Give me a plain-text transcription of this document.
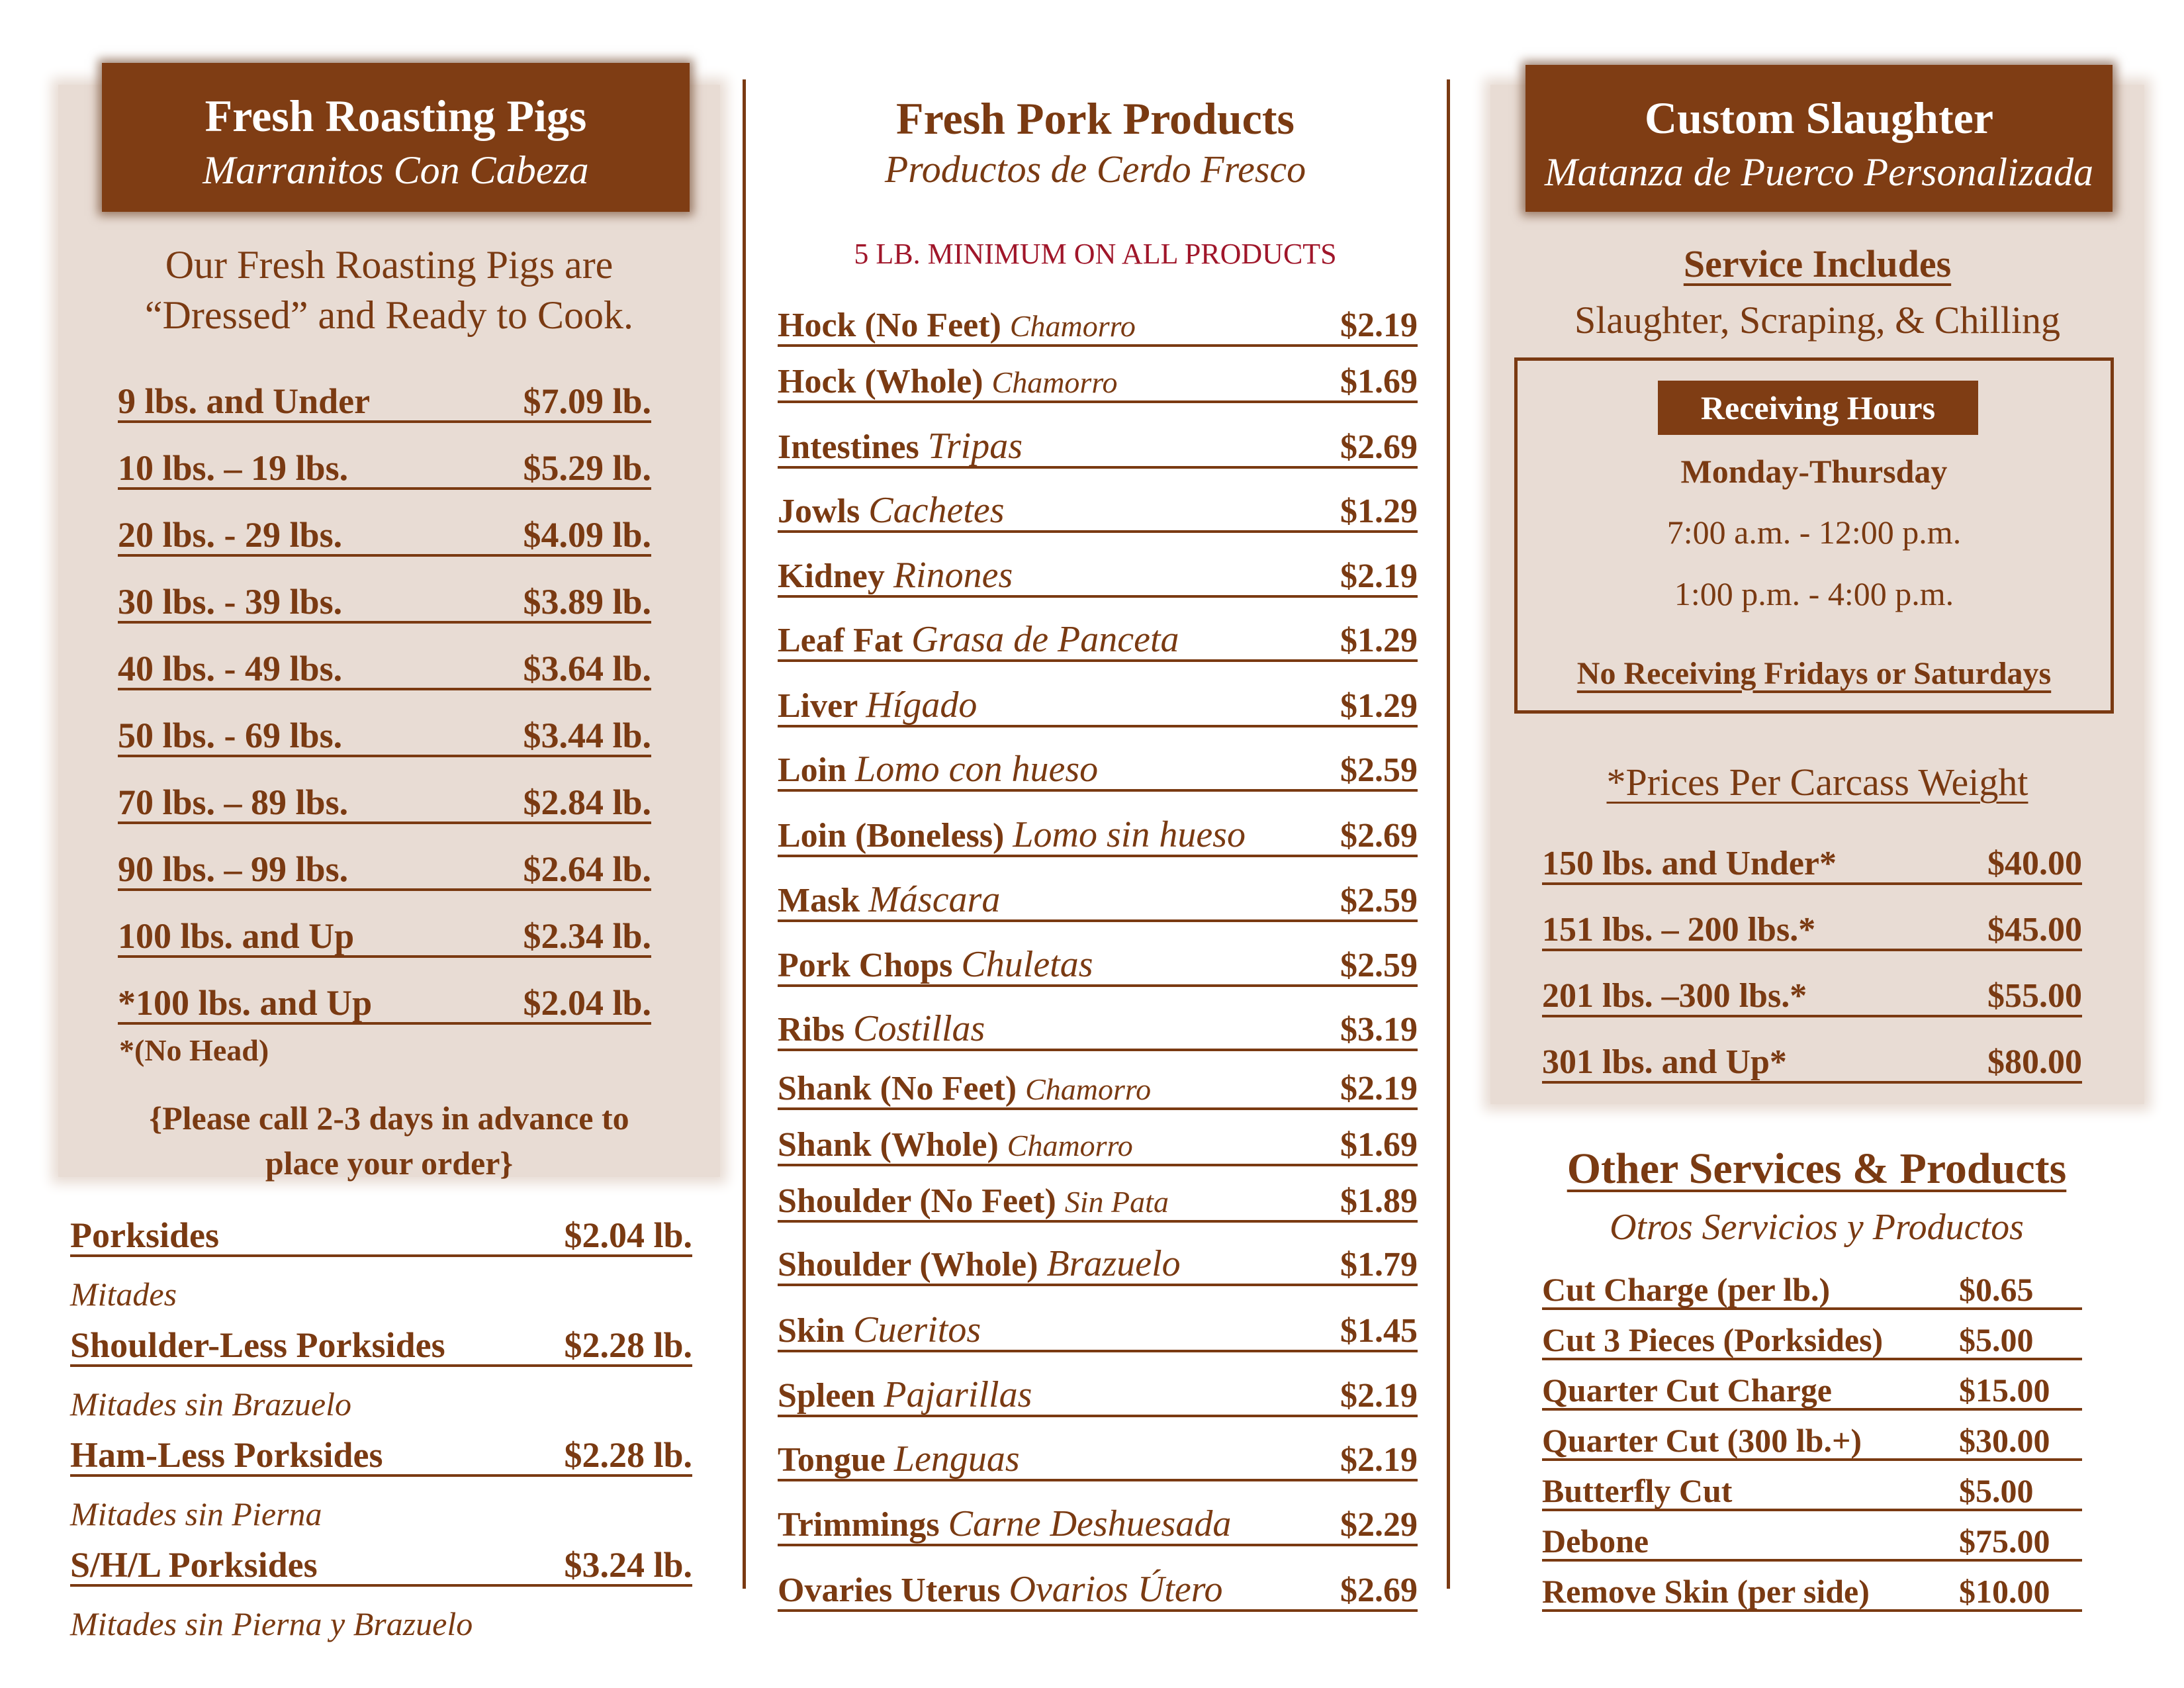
Fresh Roasting Pigs
Marranitos Con Cabeza
Our Fresh Roasting Pigs are
“Dressed” and Ready to Cook.
9 lbs. and Under	$7.09 lb.
10 lbs. – 19 lbs.	$5.29 lb.
20 lbs. - 29 lbs.	$4.09 lb.
30 lbs. - 39 lbs.	$3.89 lb.
40 lbs. - 49 lbs.	$3.64 lb.
50 lbs. - 69 lbs.	$3.44 lb.
70 lbs. – 89 lbs.	$2.84 lb.
90 lbs. – 99 lbs.	$2.64 lb.
100 lbs. and Up	$2.34 lb.
*100 lbs. and Up	$2.04 lb.
*(No Head)
{Please call 2-3 days in advance to
place your order}
Porksides	$2.04 lb.
Mitades
Shoulder-Less Porksides	$2.28 lb.
Mitades sin Brazuelo
Ham-Less Porksides	$2.28 lb.
Mitades sin Pierna
S/H/L Porksides	$3.24 lb.
Mitades sin Pierna y Brazuelo
Fresh Pork Products
Productos de Cerdo Fresco
5 LB. MINIMUM ON ALL PRODUCTS
Hock (No Feet) Chamorro	$2.19
Hock (Whole) Chamorro	$1.69
Intestines Tripas	$2.69
Jowls Cachetes	$1.29
Kidney Rinones	$2.19
Leaf Fat Grasa de Panceta	$1.29
Liver Hígado	$1.29
Loin Lomo con hueso	$2.59
Loin (Boneless) Lomo sin hueso	$2.69
Mask Máscara	$2.59
Pork Chops Chuletas	$2.59
Ribs Costillas	$3.19
Shank (No Feet) Chamorro	$2.19
Shank (Whole) Chamorro	$1.69
Shoulder (No Feet) Sin Pata	$1.89
Shoulder (Whole) Brazuelo	$1.79
Skin Cueritos	$1.45
Spleen Pajarillas	$2.19
Tongue Lenguas	$2.19
Trimmings Carne Deshuesada	$2.29
Ovaries Uterus Ovarios Útero	$2.69
Custom Slaughter
Matanza de Puerco Personalizada
Service Includes
Slaughter, Scraping, & Chilling
Receiving Hours
Monday-Thursday
7:00 a.m. - 12:00 p.m.
1:00 p.m. - 4:00 p.m.
No Receiving Fridays or Saturdays
*Prices Per Carcass Weight
150 lbs. and Under*	$40.00
151 lbs. – 200 lbs.*	$45.00
201 lbs. –300 lbs.*	$55.00
301 lbs. and Up*	$80.00
Other Services & Products
Otros Servicios y Productos
Cut Charge (per lb.)	$0.65
Cut 3 Pieces (Porksides)	$5.00
Quarter Cut Charge	$15.00
Quarter Cut (300 lb.+)	$30.00
Butterfly Cut	$5.00
Debone	$75.00
Remove Skin (per side)	$10.00
